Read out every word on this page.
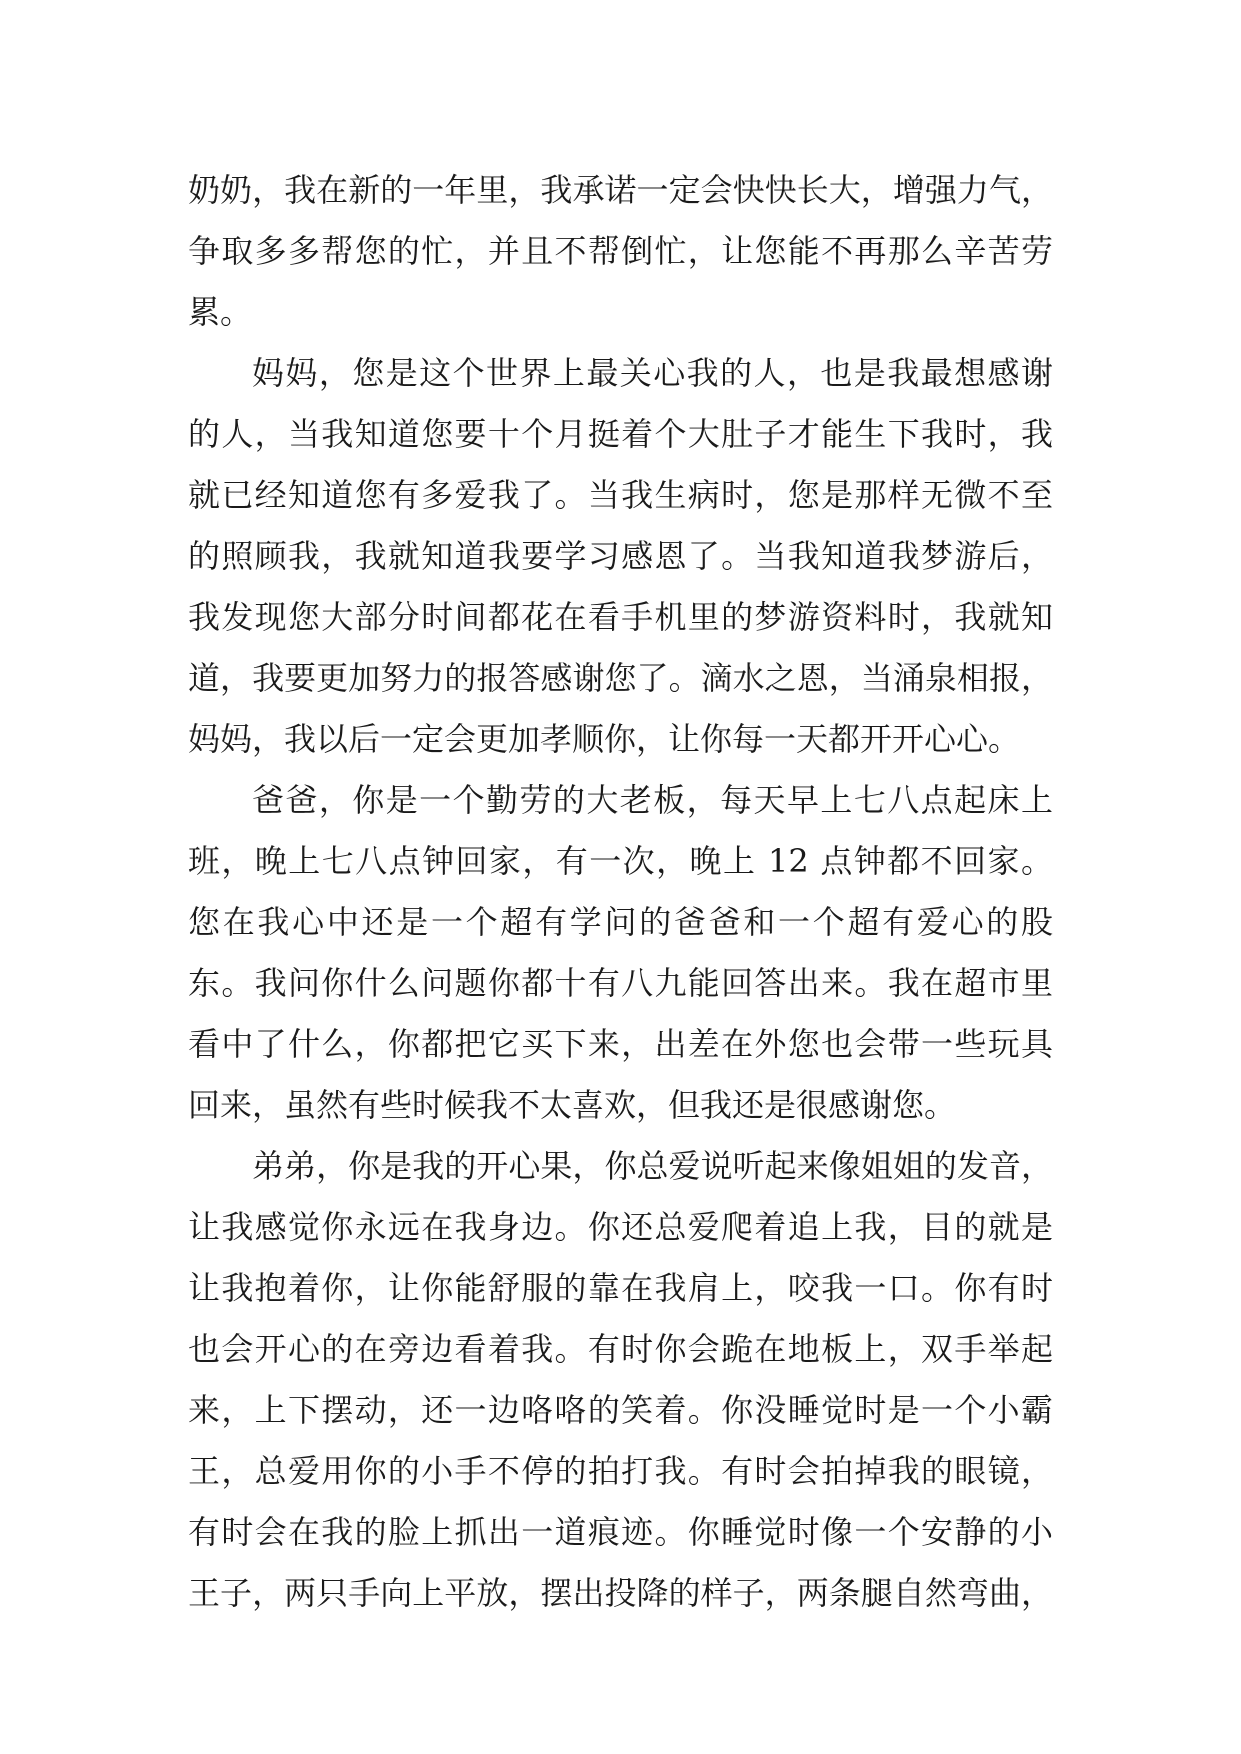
奶奶，我在新的一年里，我承诺一定会快快长大，增强力气，
争取多多帮您的忙，并且不帮倒忙，让您能不再那么辛苦劳
累。
妈妈，您是这个世界上最关心我的人，也是我最想感谢
的人，当我知道您要十个月挺着个大肚子才能生下我时，我
就已经知道您有多爱我了。当我生病时，您是那样无微不至
的照顾我，我就知道我要学习感恩了。当我知道我梦游后，
我发现您大部分时间都花在看手机里的梦游资料时，我就知
道，我要更加努力的报答感谢您了。滴水之恩，当涌泉相报，
妈妈，我以后一定会更加孝顺你，让你每一天都开开心心。
爸爸，你是一个勤劳的大老板，每天早上七八点起床上
班，晚上七八点钟回家，有一次，晚上 12 点钟都不回家。
您在我心中还是一个超有学问的爸爸和一个超有爱心的股
东。我问你什么问题你都十有八九能回答出来。我在超市里
看中了什么，你都把它买下来，出差在外您也会带一些玩具
回来，虽然有些时候我不太喜欢，但我还是很感谢您。
弟弟，你是我的开心果，你总爱说听起来像姐姐的发音，
让我感觉你永远在我身边。你还总爱爬着追上我，目的就是
让我抱着你，让你能舒服的靠在我肩上，咬我一口。你有时
也会开心的在旁边看着我。有时你会跪在地板上，双手举起
来，上下摆动，还一边咯咯的笑着。你没睡觉时是一个小霸
王，总爱用你的小手不停的拍打我。有时会拍掉我的眼镜，
有时会在我的脸上抓出一道痕迹。你睡觉时像一个安静的小
王子，两只手向上平放，摆出投降的样子，两条腿自然弯曲，
